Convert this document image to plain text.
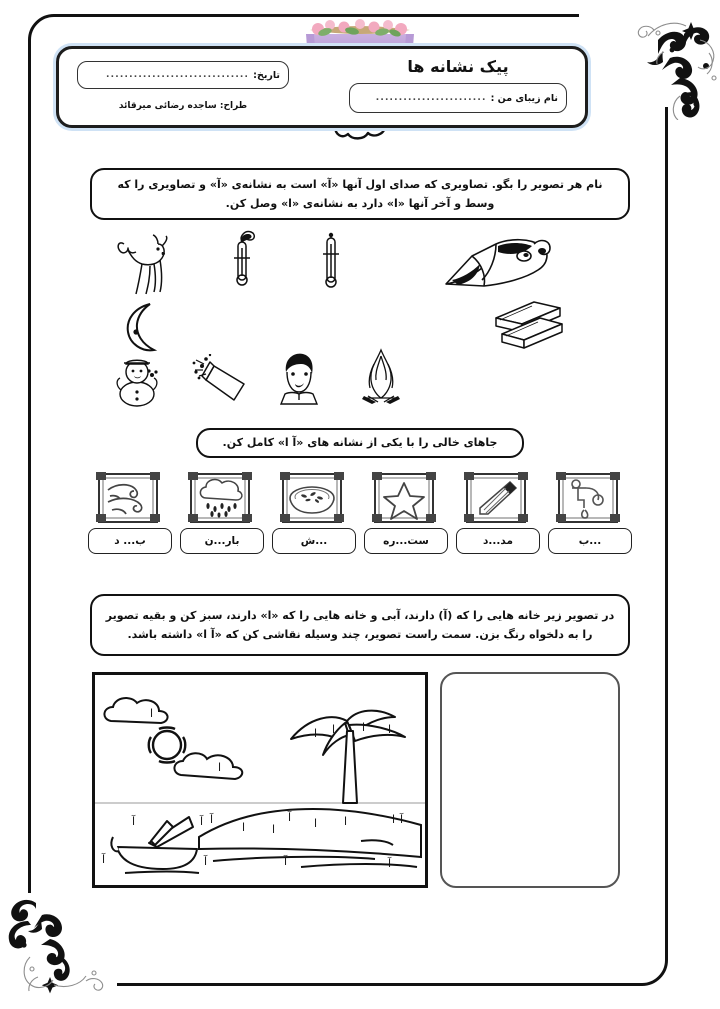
پیک نشانه ها
نام زیبای من :
........................
تاریخ:
...............................
طراح: ساجده رضائی میرقائد
نام هر تصویر را بگو. تصاویری که صدای اول آنها «آ» است به نشانه‌ی «آ» و تصاویری را که وسط و آخر آنها «ا» دارد به نشانه‌ی «ا» وصل کن.
جاهای خالی را با یکی از نشانه های «آ ا» کامل کن.
...ب
مد...د
ست...ره
...ش
بار...ن
ب... د
در تصویر زیر خانه هایی را که (آ) دارند، آبی و خانه هایی را که «ا» دارند، سبز کن و بقیه تصویر را به دلخواه رنگ بزن. سمت راست تصویر، چند وسیله نقاشی کن که «آ ا» داشته باشد.
ا
ا
ا ا ا ا
ا ا	ا ا	ا
آ	آ
آ	آ
آ	آ	آ	آ
آ
